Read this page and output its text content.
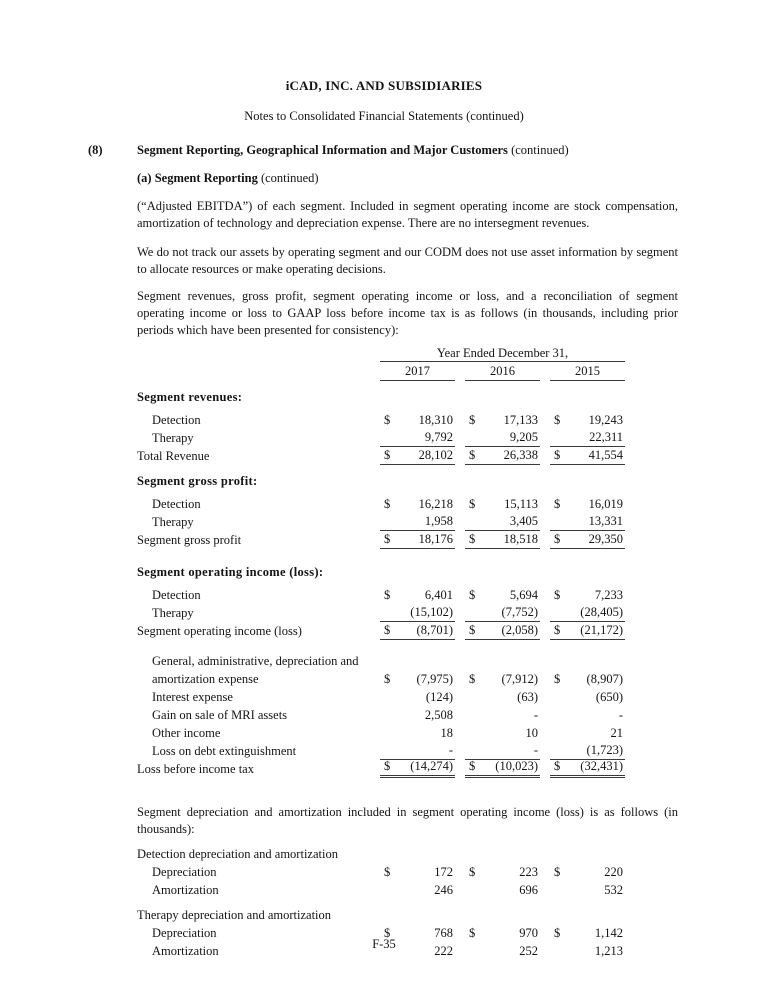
iCAD, INC. AND SUBSIDIARIES
Notes to Consolidated Financial Statements (continued)
(8)	Segment Reporting, Geographical Information and Major Customers (continued)
(a) Segment Reporting (continued)

(“Adjusted EBITDA”) of each segment. Included in segment operating income are stock compensation, amortization of technology and depreciation expense. There are no intersegment revenues.

We do not track our assets by operating segment and our CODM does not use asset information by segment to allocate resources or make operating decisions.

Segment revenues, gross profit, segment operating income or loss, and a reconciliation of segment operating income or loss to GAAP loss before income tax is as follows (in thousands, including prior periods which have been presented for consistency):

Year Ended December 31,
2017	2016	2015
Segment revenues:
Detection	$ 18,310 $ 17,133 $ 19,243
Therapy	9,792	9,205	22,311
Total Revenue	$ 28,102 $ 26,338 $ 41,554
Segment gross profit:
Detection	$ 16,218 $ 15,113 $ 16,019
Therapy	1,958	3,405	13,331
Segment gross profit	$ 18,176 $ 18,518 $ 29,350
Segment operating income (loss):
Detection	$	6,401 $	5,694 $	7,233
Therapy	(15,102)	(7,752)	(28,405)
Segment operating income (loss)	$ (8,701) $ (2,058) $ (21,172)
General, administrative, depreciation and
amortization expense	$ (7,975) $ (7,912) $ (8,907)
Interest expense	(124)	(63)	(650)
Gain on sale of MRI assets	2,508	-	-
Other income	18	10	21
Loss on debt extinguishment	-	-	(1,723)
Loss before income tax	$ (14,274) $ (10,023) $ (32,431)

Segment depreciation and amortization included in segment operating income (loss) is as follows (in thousands):

Detection depreciation and amortization
Depreciation	$	172 $	223 $	220
Amortization	246	696	532
Therapy depreciation and amortization
Depreciation	$	768 $	970 $	1,142
Amortization	222	252	1,213
F-35
